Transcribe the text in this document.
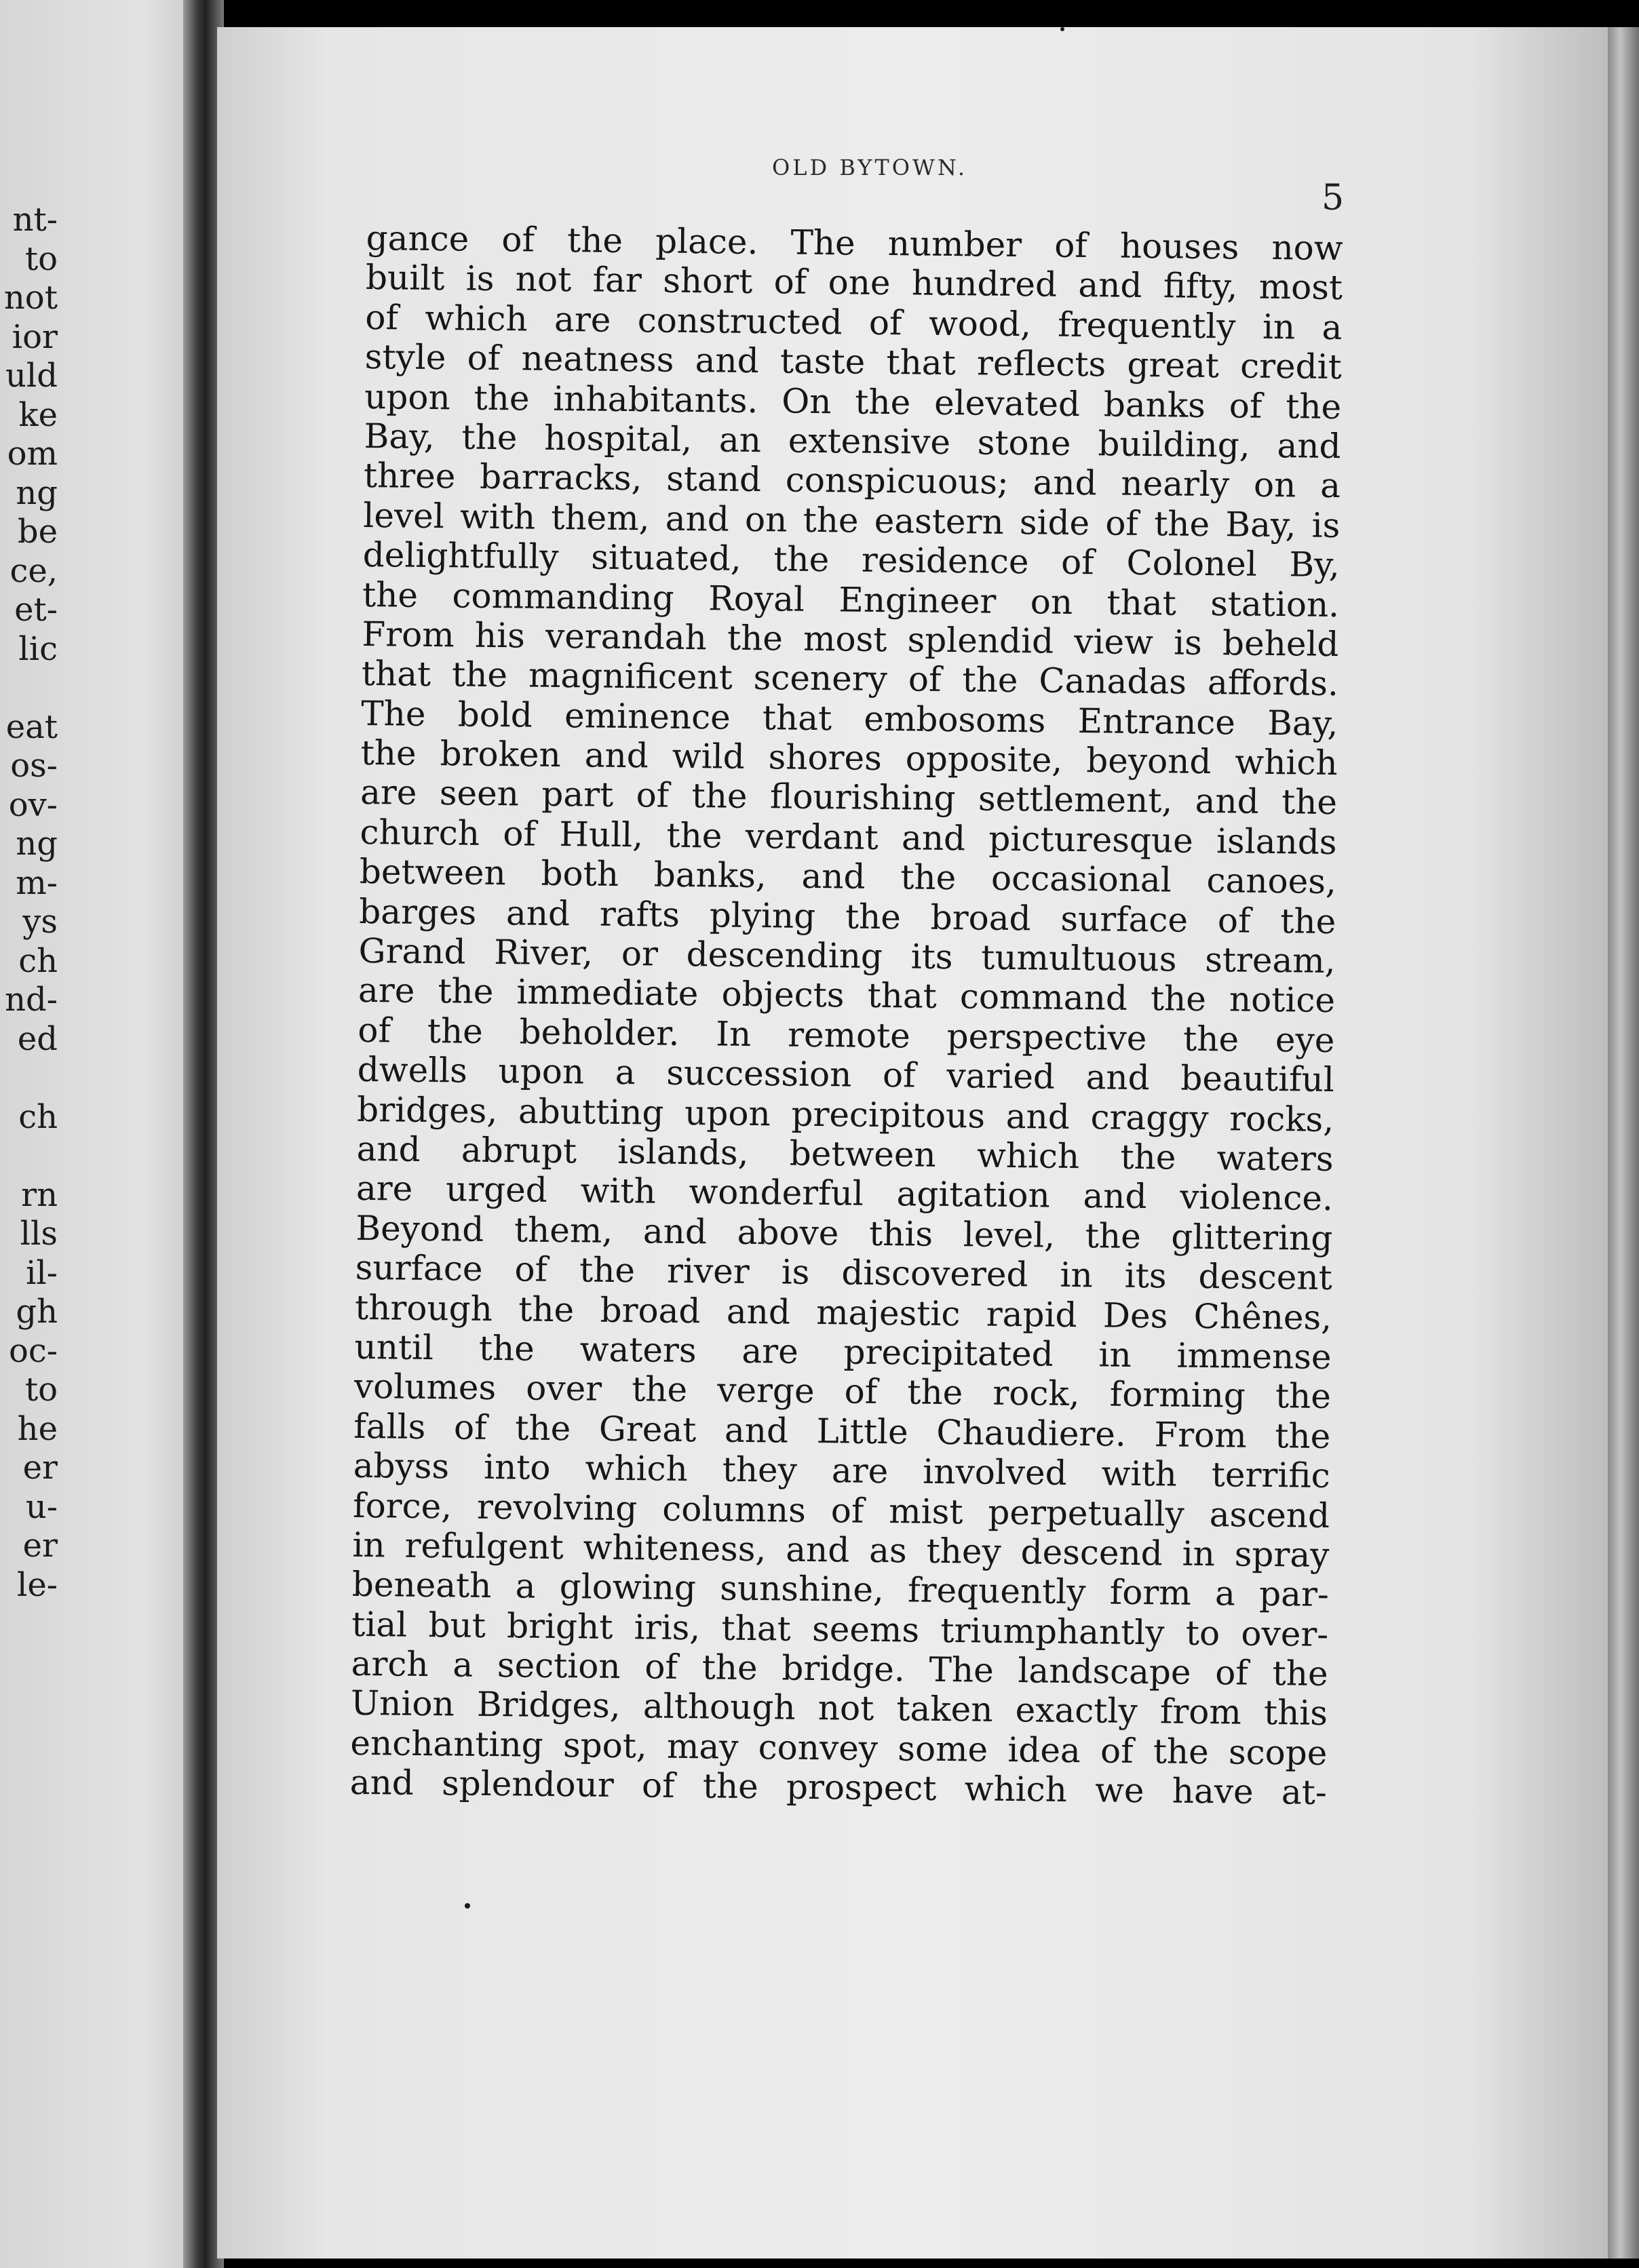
nt-
to
not
ior
uld
ke
om
ng
be
ce,
et-
lic
eat
os-
ov-
ng
m-
ys
ch
nd-
ed
ch
rn
lls
il-
gh
oc-
to
he
er
u-
er
le-
OLD BYTOWN.
5
gance of the place. The number of houses now
built is not far short of one hundred and fifty, most
of which are constructed of wood, frequently in a
style of neatness and taste that reflects great credit
upon the inhabitants. On the elevated banks of the
Bay, the hospital, an extensive stone building, and
three barracks, stand conspicuous; and nearly on a
level with them, and on the eastern side of the Bay, is
delightfully situated, the residence of Colonel By,
the commanding Royal Engineer on that station.
From his verandah the most splendid view is beheld
that the magnificent scenery of the Canadas affords.
The bold eminence that embosoms Entrance Bay,
the broken and wild shores opposite, beyond which
are seen part of the flourishing settlement, and the
church of Hull, the verdant and picturesque islands
between both banks, and the occasional canoes,
barges and rafts plying the broad surface of the
Grand River, or descending its tumultuous stream,
are the immediate objects that command the notice
of the beholder. In remote perspective the eye
dwells upon a succession of varied and beautiful
bridges, abutting upon precipitous and craggy rocks,
and abrupt islands, between which the waters
are urged with wonderful agitation and violence.
Beyond them, and above this level, the glittering
surface of the river is discovered in its descent
through the broad and majestic rapid Des Chênes,
until the waters are precipitated in immense
volumes over the verge of the rock, forming the
falls of the Great and Little Chaudiere. From the
abyss into which they are involved with terrific
force, revolving columns of mist perpetually ascend
in refulgent whiteness, and as they descend in spray
beneath a glowing sunshine, frequently form a par-
tial but bright iris, that seems triumphantly to over-
arch a section of the bridge. The landscape of the
Union Bridges, although not taken exactly from this
enchanting spot, may convey some idea of the scope
and splendour of the prospect which we have at-
